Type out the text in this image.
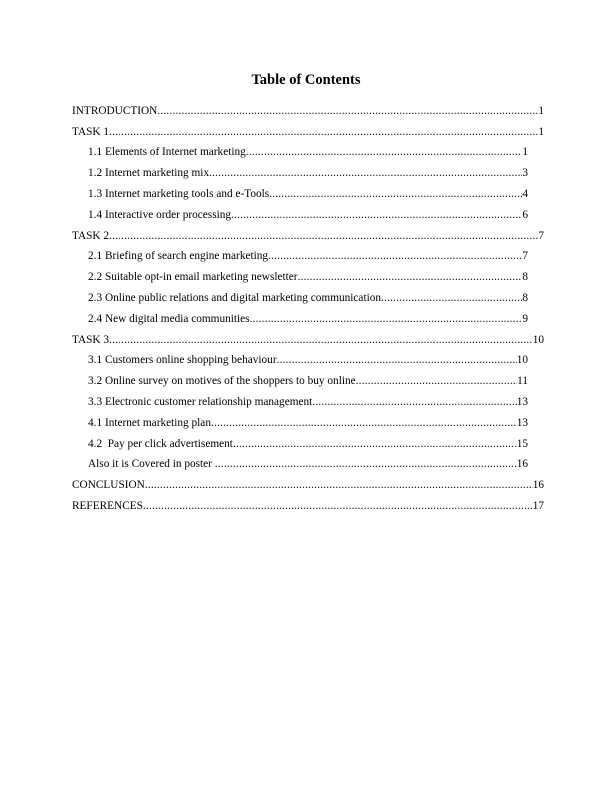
Table of Contents
INTRODUCTION .....	1
TASK 1 .....	1
1.1 Elements of Internet marketing .....	1
1.2 Internet marketing mix .....	3
1.3 Internet marketing tools and e-Tools .....	4
1.4 Interactive order processing .....	6
TASK 2 .....	7
2.1 Briefing of search engine marketing .....	7
2.2 Suitable opt-in email marketing newsletter .....	8
2.3 Online public relations and digital marketing communication .....	8
2.4 New digital media communities .....	9
TASK 3 .....	10
3.1 Customers online shopping behaviour .....	10
3.2 Online survey on motives of the shoppers to buy online .....	11
3.3 Electronic customer relationship management .....	13
4.1 Internet marketing plan .....	13
4.2  Pay per click advertisement .....	15
Also it is Covered in poster .....	16
CONCLUSION .....	16
REFERENCES .....	17
